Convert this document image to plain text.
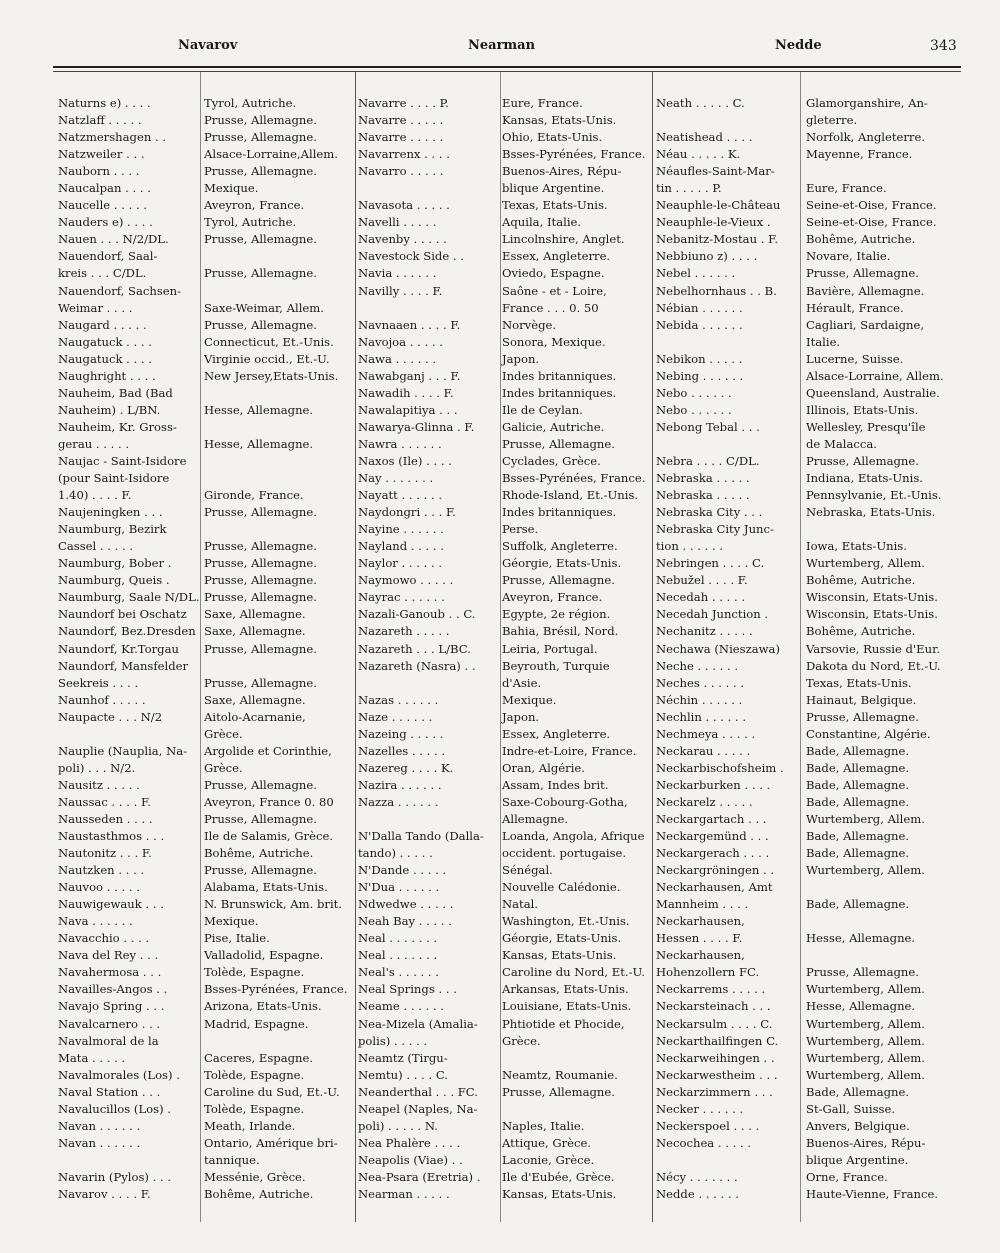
Navarov	Nearman	Nedde	343
Naturns e) . . . .	Tyrol, Autriche.
Natzlaff . . . . .	Prusse, Allemagne.
Natzmershagen . .	Prusse, Allemagne.
Natzweiler . . .	Alsace-Lorraine,Allem.
Nauborn . . . .	Prusse, Allemagne.
Naucalpan . . . .	Mexique.
Naucelle . . . . .	Aveyron, France.
Nauders e) . . . .	Tyrol, Autriche.
Nauen . . . N/2/DL.	Prusse, Allemagne.
Nauendorf, Saal-
kreis . . . C/DL.	Prusse, Allemagne.
Nauendorf, Sachsen-
Weimar . . . .	Saxe-Weimar, Allem.
Naugard . . . . .	Prusse, Allemagne.
Naugatuck . . . .	Connecticut, Et.-Unis.
Naugatuck . . . .	Virginie occid., Et.-U.
Naughright . . . .	New Jersey,Etats-Unis.
Nauheim, Bad (Bad
Nauheim) . L/BN.	Hesse, Allemagne.
Nauheim, Kr. Gross-
gerau . . . . .	Hesse, Allemagne.
Naujac - Saint-Isidore
(pour Saint-Isidore
1.40) . . . . F.	Gironde, France.
Naujeningken . . .	Prusse, Allemagne.
Naumburg, Bezirk
Cassel . . . . .	Prusse, Allemagne.
Naumburg, Bober .	Prusse, Allemagne.
Naumburg, Queis .	Prusse, Allemagne.
Naumburg, Saale N/DL. Prusse, Allemagne.
Naundorf bei Oschatz	Saxe, Allemagne.
Naundorf, Bez.Dresden Saxe, Allemagne.
Naundorf, Kr.Torgau	Prusse, Allemagne.
Naundorf, Mansfelder
Seekreis . . . .	Prusse, Allemagne.
Naunhof . . . . .	Saxe, Allemagne.
Naupacte . . . N/2	Aitolo-Acarnanie,
Grèce.
Nauplie (Nauplia, Na-	Argolide et Corinthie,
poli) . . . N/2.	Grèce.
Nausitz . . . . .	Prusse, Allemagne.
Naussac . . . . F.	Aveyron, France 0. 80
Nausseden . . . .	Prusse, Allemagne.
Naustasthmos . . .	Ile de Salamis, Grèce.
Nautonitz . . . F.	Bohême, Autriche.
Nautzken . . . .	Prusse, Allemagne.
Nauvoo . . . . .	Alabama, Etats-Unis.
Nauwigewauk . . .	N. Brunswick, Am. brit.
Nava . . . . . .	Mexique.
Navacchio . . . .	Pise, Italie.
Nava del Rey . . .	Valladolid, Espagne.
Navahermosa . . .	Tolède, Espagne.
Navailles-Angos . .	Bsses-Pyrénées, France.
Navajo Spring . . .	Arizona, Etats-Unis.
Navalcarnero . . .	Madrid, Espagne.
Navalmoral de la
Mata . . . . .	Caceres, Espagne.
Navalmorales (Los) .	Tolède, Espagne.
Naval Station . . .	Caroline du Sud, Et.-U.
Navalucillos (Los) .	Tolède, Espagne.
Navan . . . . . .	Meath, Irlande.
Navan . . . . . .	Ontario, Amérique bri-
tannique.
Navarin (Pylos) . . .	Messénie, Grèce.
Navarov . . . . F.	Bohême, Autriche.
Navarre . . . . P.	Eure, France.
Navarre . . . . .	Kansas, Etats-Unis.
Navarre . . . . .	Ohio, Etats-Unis.
Navarrenx . . . .	Bsses-Pyrénées, France.
Navarro . . . . .	Buenos-Aires, Répu-
blique Argentine.
Navasota . . . . .	Texas, Etats-Unis.
Navelli . . . . .	Aquila, Italie.
Navenby . . . . .	Lincolnshire, Anglet.
Navestock Side . .	Essex, Angleterre.
Navia . . . . . .	Oviedo, Espagne.
Navilly . . . . F.	Saône - et - Loire,
France . . . 0. 50
Navnaaen . . . . F.	Norvège.
Navojoa . . . . .	Sonora, Mexique.
Nawa . . . . . .	Japon.
Nawabganj . . . F.	Indes britanniques.
Nawadih . . . . F.	Indes britanniques.
Nawalapitiya . . .	Ile de Ceylan.
Nawarya-Glinna . F.	Galicie, Autriche.
Nawra . . . . . .	Prusse, Allemagne.
Naxos (Ile) . . . .	Cyclades, Grèce.
Nay . . . . . . .	Bsses-Pyrénées, France.
Nayatt . . . . . .	Rhode-Island, Et.-Unis.
Naydongri . . . F.	Indes britanniques.
Nayine . . . . . .	Perse.
Nayland . . . . .	Suffolk, Angleterre.
Naylor . . . . . .	Géorgie, Etats-Unis.
Naymowo . . . . .	Prusse, Allemagne.
Nayrac . . . . . .	Aveyron, France.
Nazali-Ganoub . . C.	Egypte, 2e région.
Nazareth . . . . .	Bahia, Brésil, Nord.
Nazareth . . . L/BC.	Leiria, Portugal.
Nazareth (Nasra) . .	Beyrouth, Turquie
d'Asie.
Nazas . . . . . .	Mexique.
Naze . . . . . .	Japon.
Nazeing . . . . .	Essex, Angleterre.
Nazelles . . . . .	Indre-et-Loire, France.
Nazereg . . . . K.	Oran, Algérie.
Nazira . . . . . .	Assam, Indes brit.
Nazza . . . . . .	Saxe-Cobourg-Gotha,
Allemagne.
N'Dalla Tando (Dalla-	Loanda, Angola, Afrique
tando) . . . . .	occident. portugaise.
N'Dande . . . . .	Sénégal.
N'Dua . . . . . .	Nouvelle Calédonie.
Ndwedwe . . . . .	Natal.
Neah Bay . . . . .	Washington, Et.-Unis.
Neal . . . . . . .	Géorgie, Etats-Unis.
Neal . . . . . . .	Kansas, Etats-Unis.
Neal's . . . . . .	Caroline du Nord, Et.-U.
Neal Springs . . .	Arkansas, Etats-Unis.
Neame . . . . . .	Louisiane, Etats-Unis.
Nea-Mizela (Amalia-	Phtiotide et Phocide,
polis) . . . . .	Grèce.
Neamtz (Tirgu-
Nemtu) . . . . C.	Neamtz, Roumanie.
Neanderthal . . . FC.	Prusse, Allemagne.
Neapel (Naples, Na-
poli) . . . . . N.	Naples, Italie.
Nea Phalère . . . .	Attique, Grèce.
Neapolis (Viae) . .	Laconie, Grèce.
Nea-Psara (Eretria) .	Ile d'Eubée, Grèce.
Nearman . . . . .	Kansas, Etats-Unis.
Neath . . . . . C.	Glamorganshire, An-
gleterre.
Neatishead . . . .	Norfolk, Angleterre.
Néau . . . . . K.	Mayenne, France.
Néaufles-Saint-Mar-
tin . . . . . P.	Eure, France.
Neauphle-le-Château	Seine-et-Oise, France.
Neauphle-le-Vieux .	Seine-et-Oise, France.
Nebanitz-Mostau . F.	Bohême, Autriche.
Nebbiuno z) . . . .	Novare, Italie.
Nebel . . . . . .	Prusse, Allemagne.
Nebelhornhaus . . B.	Bavière, Allemagne.
Nébian . . . . . .	Hérault, France.
Nebida . . . . . .	Cagliari, Sardaigne,
Italie.
Nebikon . . . . .	Lucerne, Suisse.
Nebing . . . . . .	Alsace-Lorraine, Allem.
Nebo . . . . . .	Queensland, Australie.
Nebo . . . . . .	Illinois, Etats-Unis.
Nebong Tebal . . .	Wellesley, Presqu'île
de Malacca.
Nebra . . . . C/DL.	Prusse, Allemagne.
Nebraska . . . . .	Indiana, Etats-Unis.
Nebraska . . . . .	Pennsylvanie, Et.-Unis.
Nebraska City . . .	Nebraska, Etats-Unis.
Nebraska City Junc-
tion . . . . . .	Iowa, Etats-Unis.
Nebringen . . . . C.	Wurtemberg, Allem.
Nebužel . . . . F.	Bohême, Autriche.
Necedah . . . . .	Wisconsin, Etats-Unis.
Necedah Junction .	Wisconsin, Etats-Unis.
Nechanitz . . . . .	Bohême, Autriche.
Nechawa (Nieszawa)	Varsovie, Russie d'Eur.
Neche . . . . . .	Dakota du Nord, Et.-U.
Neches . . . . . .	Texas, Etats-Unis.
Néchin . . . . . .	Hainaut, Belgique.
Nechlin . . . . . .	Prusse, Allemagne.
Nechmeya . . . . .	Constantine, Algérie.
Neckarau . . . . .	Bade, Allemagne.
Neckarbischofsheim .	Bade, Allemagne.
Neckarburken . . . .	Bade, Allemagne.
Neckarelz . . . . .	Bade, Allemagne.
Neckargartach . . .	Wurtemberg, Allem.
Neckargemünd . . .	Bade, Allemagne.
Neckargerach . . . .	Bade, Allemagne.
Neckargröningen . .	Wurtemberg, Allem.
Neckarhausen, Amt
Mannheim . . . .	Bade, Allemagne.
Neckarhausen,
Hessen . . . . F.	Hesse, Allemagne.
Neckarhausen,
Hohenzollern FC.	Prusse, Allemagne.
Neckarrems . . . . .	Wurtemberg, Allem.
Neckarsteinach . . .	Hesse, Allemagne.
Neckarsulm . . . . C.	Wurtemberg, Allem.
Neckarthailfingen C.	Wurtemberg, Allem.
Neckarweihingen . .	Wurtemberg, Allem.
Neckarwestheim . . .	Wurtemberg, Allem.
Neckarzimmern . . .	Bade, Allemagne.
Necker . . . . . .	St-Gall, Suisse.
Neckerspoel . . . .	Anvers, Belgique.
Necochea . . . . .	Buenos-Aires, Répu-
blique Argentine.
Nécy . . . . . . .	Orne, France.
Nedde . . . . . .	Haute-Vienne, France.
